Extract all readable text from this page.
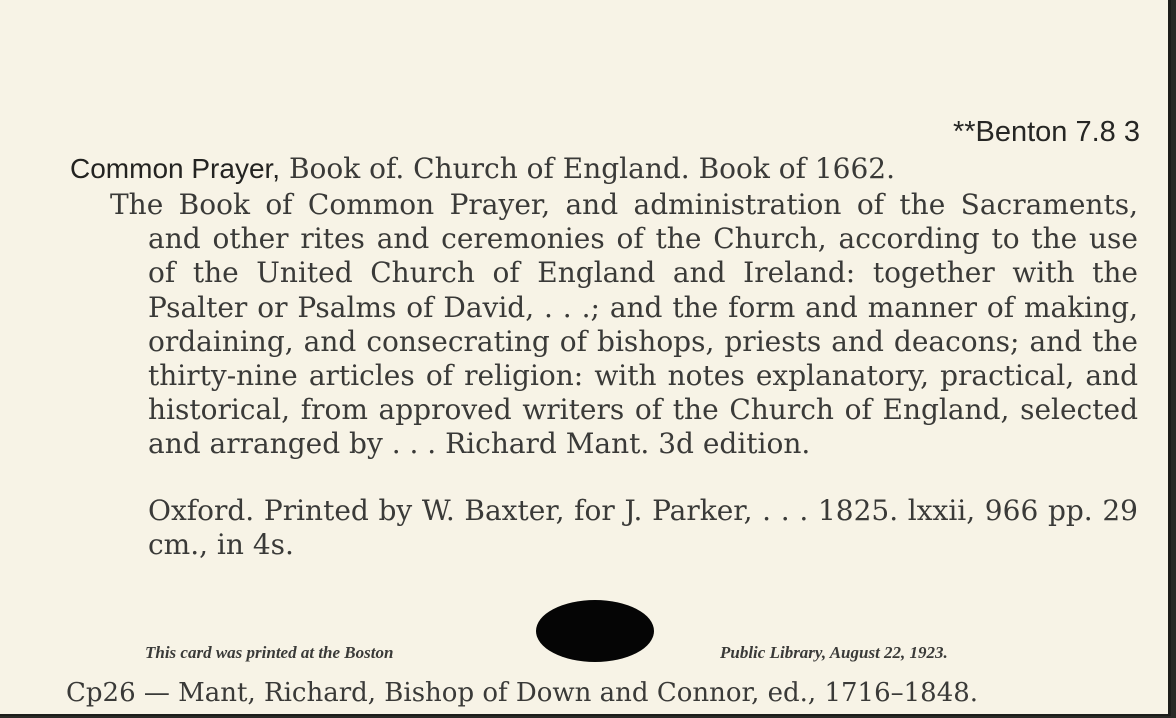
**Benton 7.8 3
Common Prayer, Book of. Church of England. Book of 1662.
The Book of Common Prayer, and administration of the Sacraments, and other rites and ceremonies of the Church, according to the use of the United Church of England and Ireland: together with the Psalter or Psalms of David, . . .; and the form and manner of making, ordaining, and consecrating of bishops, priests and deacons; and the thirty-nine articles of religion: with notes explanatory, practical, and historical, from approved writers of the Church of England, selected and arranged by . . . Richard Mant. 3d edition.
Oxford. Printed by W. Baxter, for J. Parker, . . . 1825. lxxii, 966 pp. 29 cm., in 4s.
This card was printed at the Boston	Public Library, August 22, 1923.
Cp26 — Mant, Richard, Bishop of Down and Connor, ed., 1716–1848.
